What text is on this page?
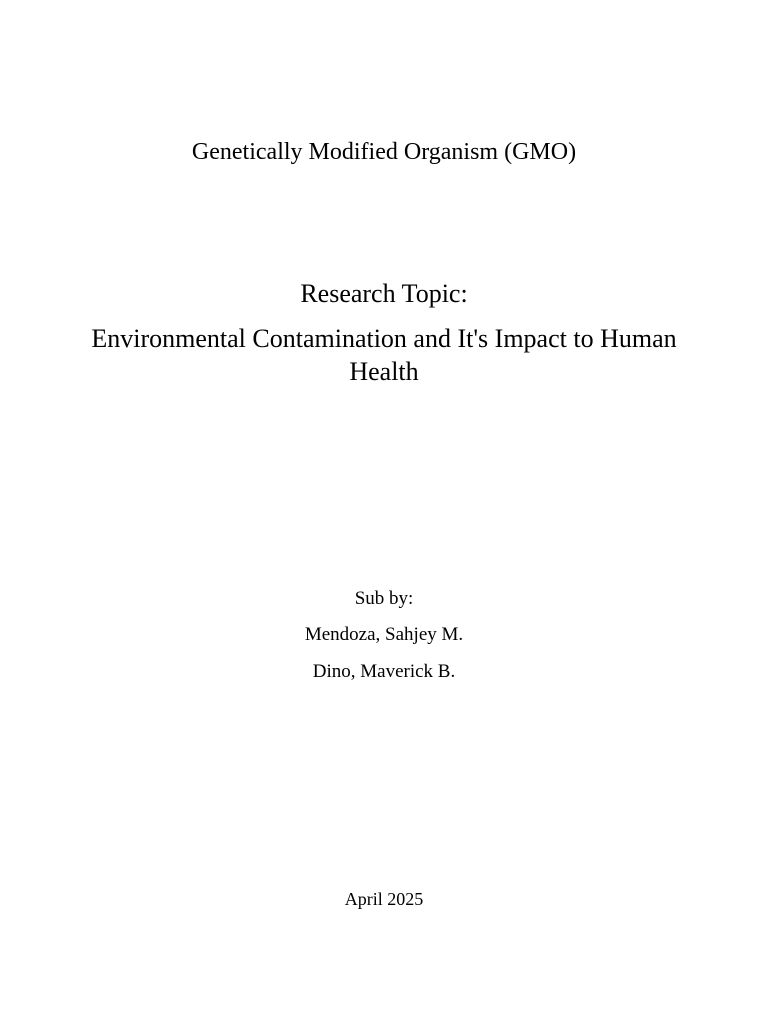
Genetically Modified Organism (GMO)
Research Topic:
Environmental Contamination and It's Impact to Human Health
Sub by:
Mendoza, Sahjey M.
Dino, Maverick B.
April 2025
